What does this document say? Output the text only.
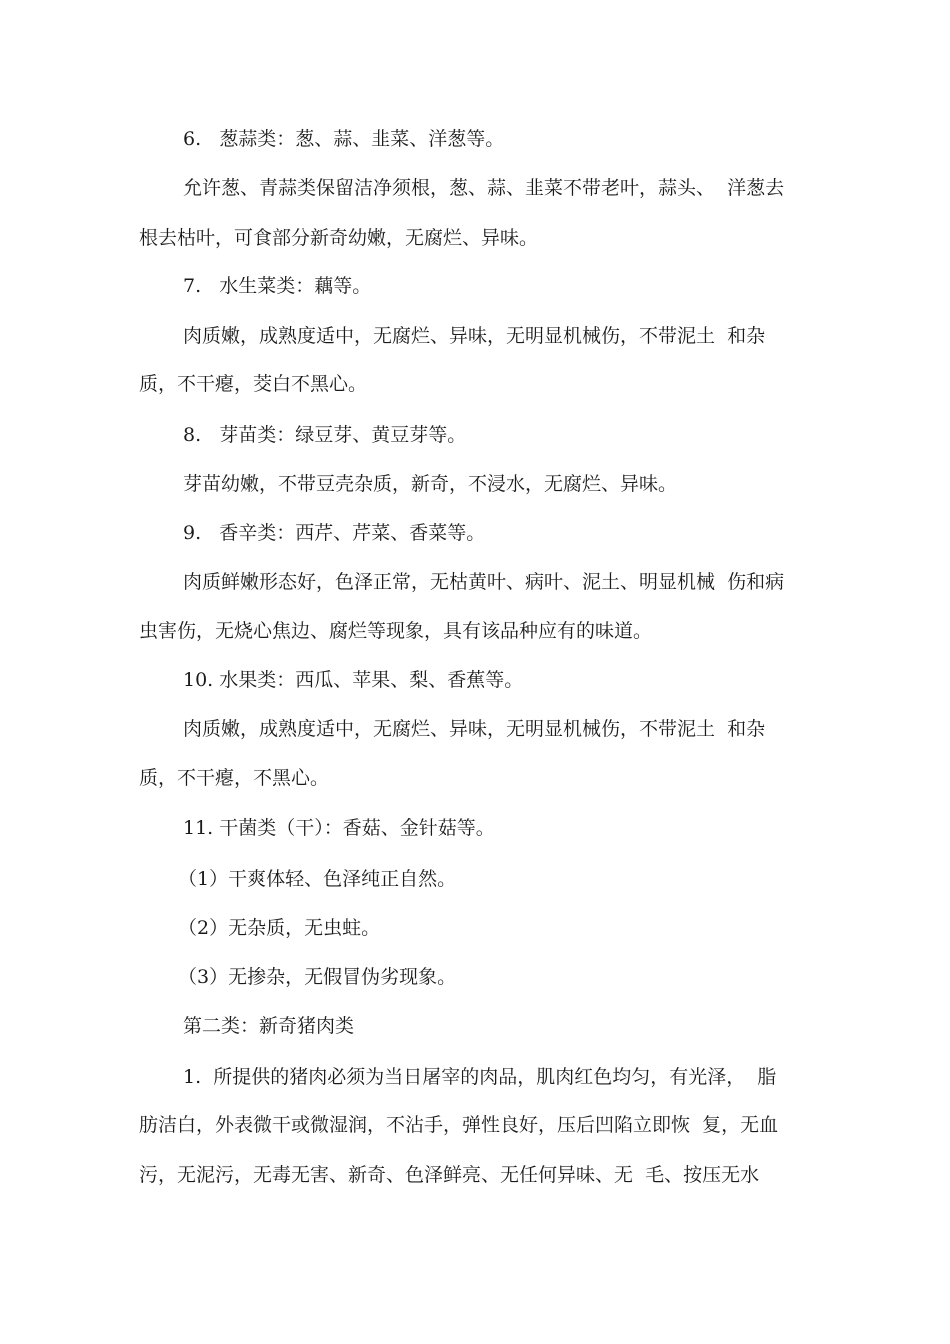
6.   葱蒜类：葱、蒜、韭菜、洋葱等。
允许葱、青蒜类保留洁净须根，葱、蒜、韭菜不带老叶，蒜头、  洋葱去
根去枯叶，可食部分新奇幼嫩，无腐烂、异味。
7.   水生菜类：藕等。
肉质嫩，成熟度适中，无腐烂、异味，无明显机械伤，不带泥土  和杂
质，不干瘪，茭白不黑心。
8.   芽苗类：绿豆芽、黄豆芽等。
芽苗幼嫩，不带豆壳杂质，新奇，不浸水，无腐烂、异味。
9.   香辛类：西芹、芹菜、香菜等。
肉质鲜嫩形态好，色泽正常，无枯黄叶、病叶、泥土、明显机械  伤和病
虫害伤，无烧心焦边、腐烂等现象，具有该品种应有的味道。
10. 水果类：西瓜、苹果、梨、香蕉等。
肉质嫩，成熟度适中，无腐烂、异味，无明显机械伤，不带泥土  和杂
质，不干瘪，不黑心。
11. 干菌类（干）：香菇、金针菇等。
（1）干爽体轻、色泽纯正自然。
（2）无杂质，无虫蛀。
（3）无掺杂，无假冒伪劣现象。
第二类：新奇猪肉类
1.  所提供的猪肉必须为当日屠宰的肉品，肌肉红色均匀，有光泽，  脂
肪洁白，外表微干或微湿润，不沾手，弹性良好，压后凹陷立即恢  复，无血
污，无泥污，无毒无害、新奇、色泽鲜亮、无任何异味、无  毛、按压无水
